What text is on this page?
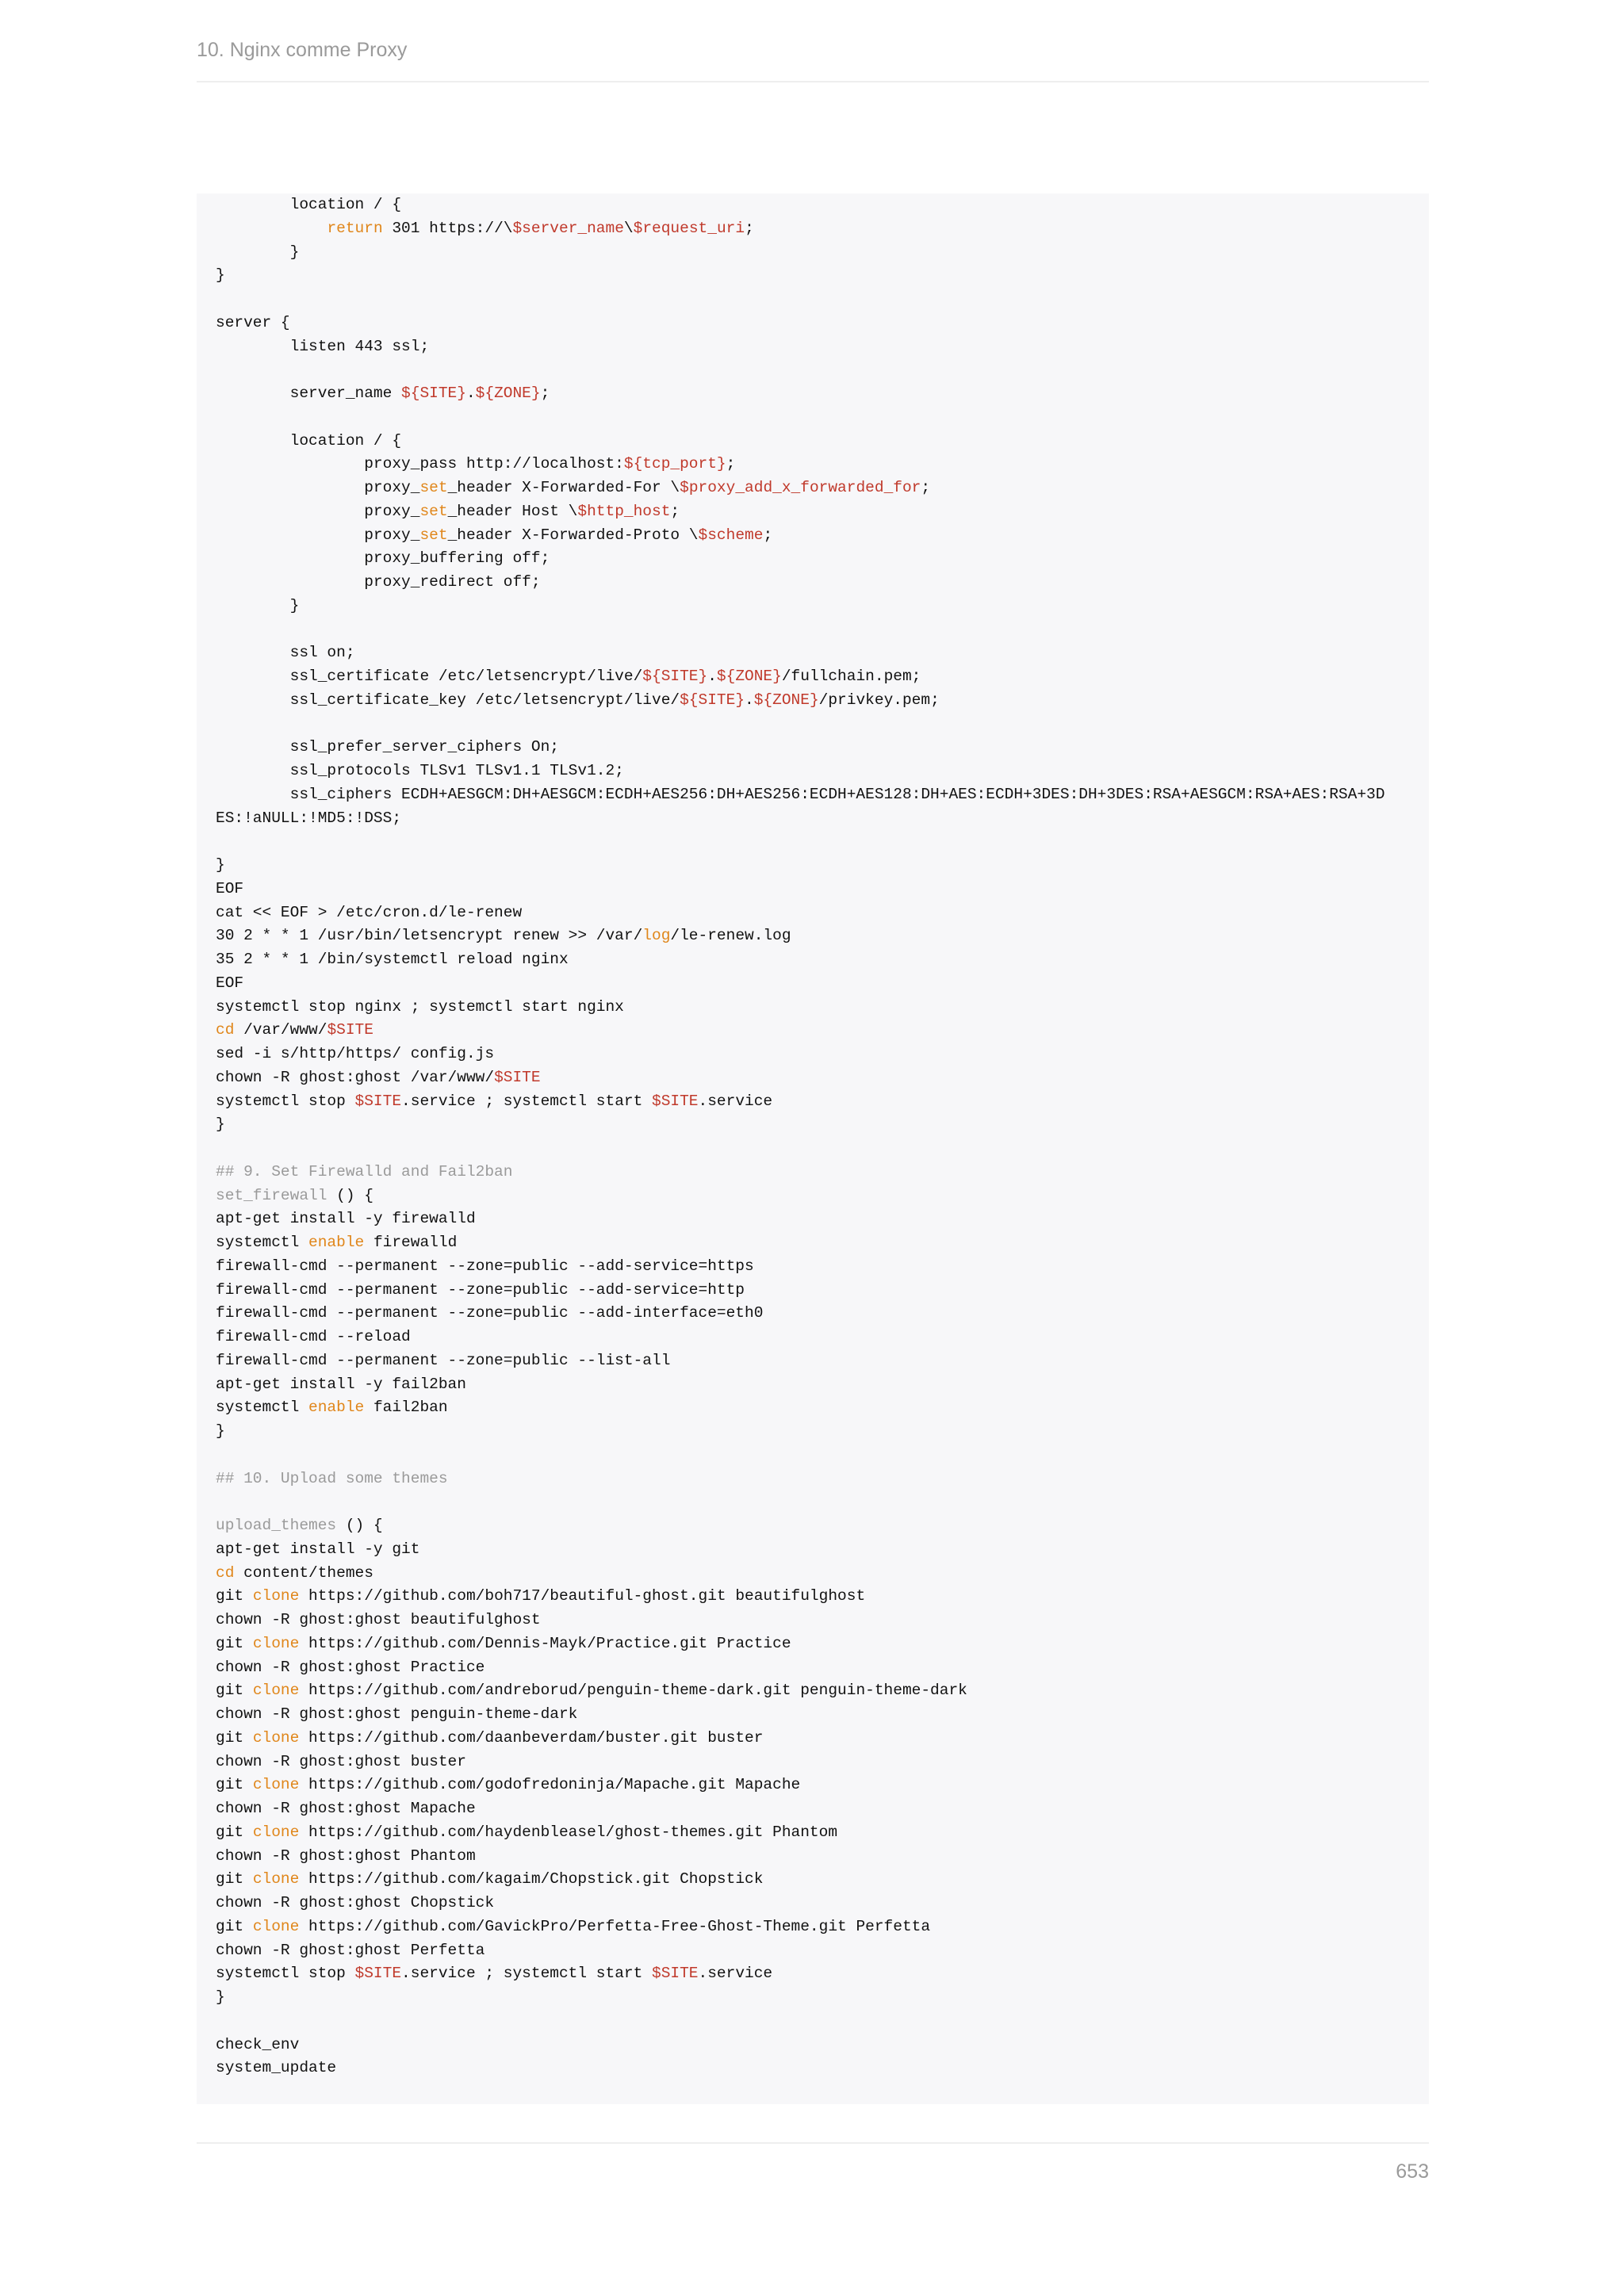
10. Nginx comme Proxy
location / {
return 301 https://\$server_name\$request_uri;
}
}
server {
listen 443 ssl;
server_name ${SITE}.${ZONE};
location / {
proxy_pass http://localhost:${tcp_port};
proxy_set_header X-Forwarded-For \$proxy_add_x_forwarded_for;
proxy_set_header Host \$http_host;
proxy_set_header X-Forwarded-Proto \$scheme;
proxy_buffering off;
proxy_redirect off;
}
ssl on;
ssl_certificate /etc/letsencrypt/live/${SITE}.${ZONE}/fullchain.pem;
ssl_certificate_key /etc/letsencrypt/live/${SITE}.${ZONE}/privkey.pem;
ssl_prefer_server_ciphers On;
ssl_protocols TLSv1 TLSv1.1 TLSv1.2;
ssl_ciphers ECDH+AESGCM:DH+AESGCM:ECDH+AES256:DH+AES256:ECDH+AES128:DH+AES:ECDH+3DES:DH+3DES:RSA+AESGCM:RSA+AES:RSA+3D
ES:!aNULL:!MD5:!DSS;
}
EOF
cat << EOF > /etc/cron.d/le-renew
30 2 * * 1 /usr/bin/letsencrypt renew >> /var/log/le-renew.log
35 2 * * 1 /bin/systemctl reload nginx
EOF
systemctl stop nginx ; systemctl start nginx
cd /var/www/$SITE
sed -i s/http/https/ config.js
chown -R ghost:ghost /var/www/$SITE
systemctl stop $SITE.service ; systemctl start $SITE.service
}
## 9. Set Firewalld and Fail2ban
set_firewall () {
apt-get install -y firewalld
systemctl enable firewalld
firewall-cmd --permanent --zone=public --add-service=https
firewall-cmd --permanent --zone=public --add-service=http
firewall-cmd --permanent --zone=public --add-interface=eth0
firewall-cmd --reload
firewall-cmd --permanent --zone=public --list-all
apt-get install -y fail2ban
systemctl enable fail2ban
}
## 10. Upload some themes
upload_themes () {
apt-get install -y git
cd content/themes
git clone https://github.com/boh717/beautiful-ghost.git beautifulghost
chown -R ghost:ghost beautifulghost
git clone https://github.com/Dennis-Mayk/Practice.git Practice
chown -R ghost:ghost Practice
git clone https://github.com/andreborud/penguin-theme-dark.git penguin-theme-dark
chown -R ghost:ghost penguin-theme-dark
git clone https://github.com/daanbeverdam/buster.git buster
chown -R ghost:ghost buster
git clone https://github.com/godofredoninja/Mapache.git Mapache
chown -R ghost:ghost Mapache
git clone https://github.com/haydenbleasel/ghost-themes.git Phantom
chown -R ghost:ghost Phantom
git clone https://github.com/kagaim/Chopstick.git Chopstick
chown -R ghost:ghost Chopstick
git clone https://github.com/GavickPro/Perfetta-Free-Ghost-Theme.git Perfetta
chown -R ghost:ghost Perfetta
systemctl stop $SITE.service ; systemctl start $SITE.service
}
check_env
system_update
653
